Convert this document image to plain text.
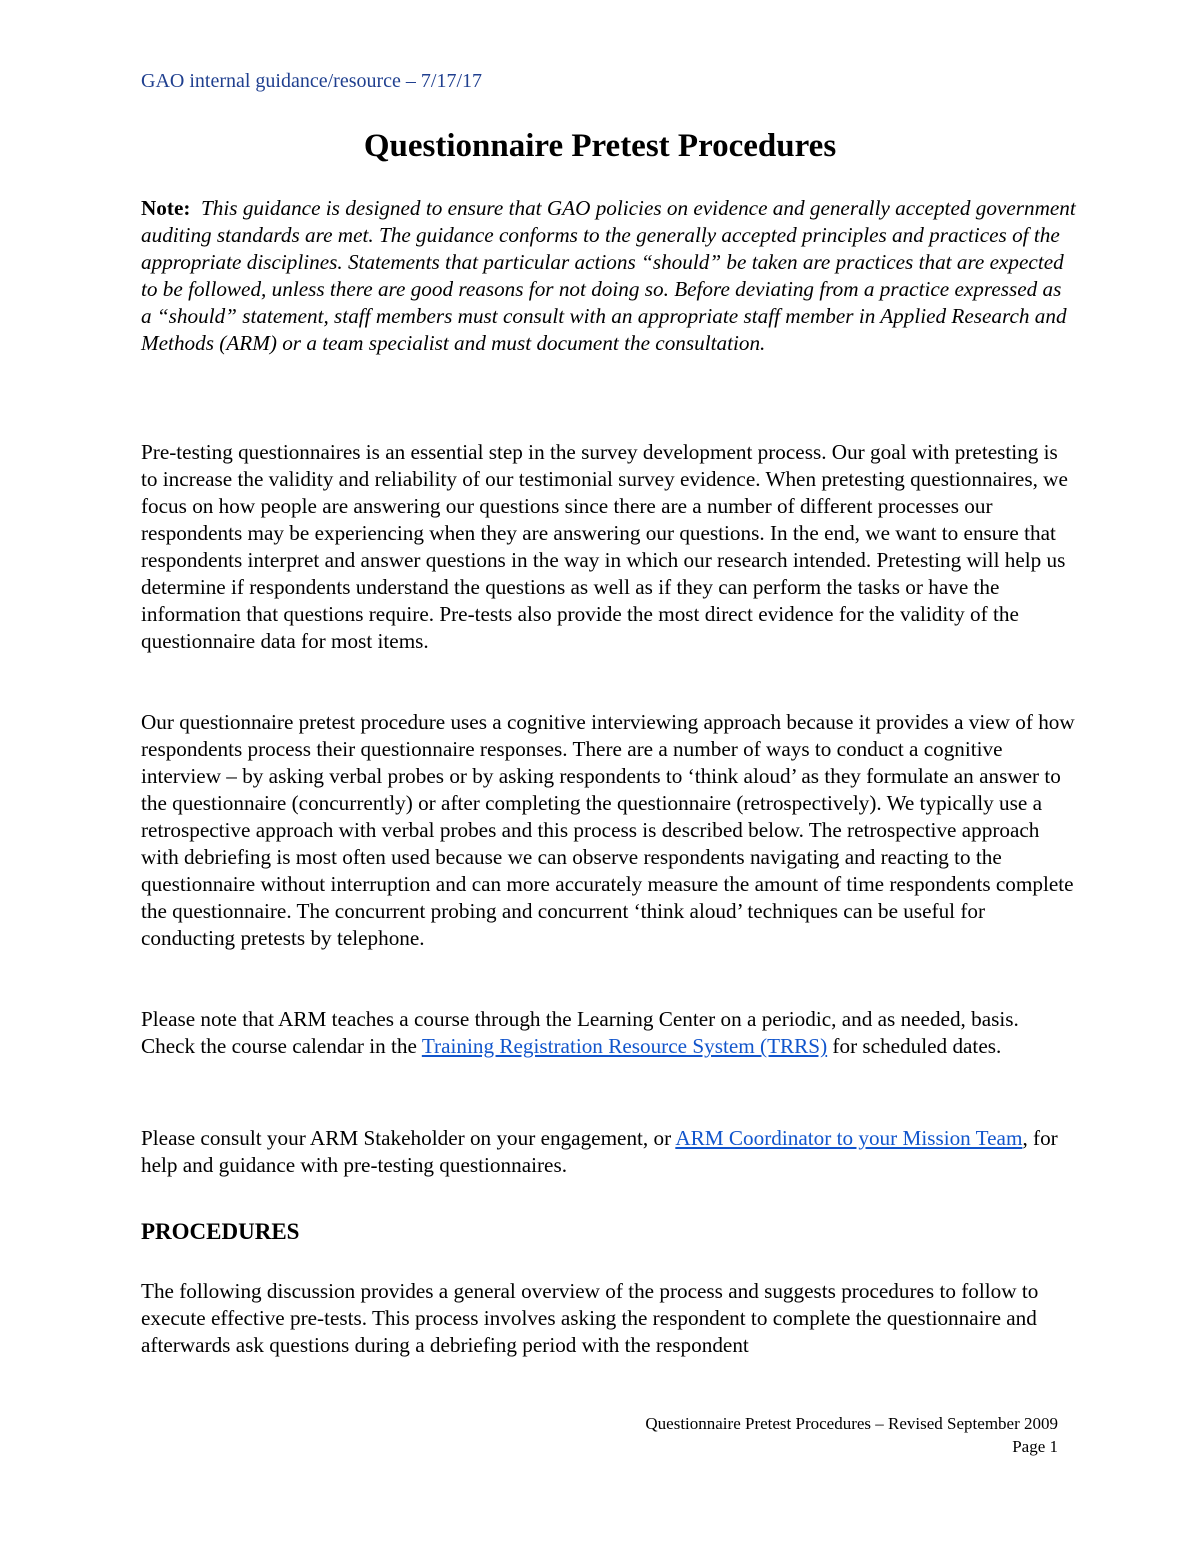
GAO internal guidance/resource – 7/17/17
Questionnaire Pretest Procedures
Note: This guidance is designed to ensure that GAO policies on evidence and generally accepted government auditing standards are met. The guidance conforms to the generally accepted principles and practices of the appropriate disciplines. Statements that particular actions “should” be taken are practices that are expected to be followed, unless there are good reasons for not doing so. Before deviating from a practice expressed as a “should” statement, staff members must consult with an appropriate staff member in Applied Research and Methods (ARM) or a team specialist and must document the consultation.
Pre-testing questionnaires is an essential step in the survey development process. Our goal with pretesting is to increase the validity and reliability of our testimonial survey evidence. When pretesting questionnaires, we focus on how people are answering our questions since there are a number of different processes our respondents may be experiencing when they are answering our questions. In the end, we want to ensure that respondents interpret and answer questions in the way in which our research intended. Pretesting will help us determine if respondents understand the questions as well as if they can perform the tasks or have the information that questions require. Pre-tests also provide the most direct evidence for the validity of the questionnaire data for most items.
Our questionnaire pretest procedure uses a cognitive interviewing approach because it provides a view of how respondents process their questionnaire responses. There are a number of ways to conduct a cognitive interview – by asking verbal probes or by asking respondents to ‘think aloud’ as they formulate an answer to the questionnaire (concurrently) or after completing the questionnaire (retrospectively). We typically use a retrospective approach with verbal probes and this process is described below. The retrospective approach with debriefing is most often used because we can observe respondents navigating and reacting to the questionnaire without interruption and can more accurately measure the amount of time respondents complete the questionnaire. The concurrent probing and concurrent ‘think aloud’ techniques can be useful for conducting pretests by telephone.
Please note that ARM teaches a course through the Learning Center on a periodic, and as needed, basis. Check the course calendar in the Training Registration Resource System (TRRS) for scheduled dates.
Please consult your ARM Stakeholder on your engagement, or ARM Coordinator to your Mission Team, for help and guidance with pre-testing questionnaires.
PROCEDURES
The following discussion provides a general overview of the process and suggests procedures to follow to execute effective pre-tests. This process involves asking the respondent to complete the questionnaire and afterwards ask questions during a debriefing period with the respondent
Questionnaire Pretest Procedures – Revised September 2009
Page 1
